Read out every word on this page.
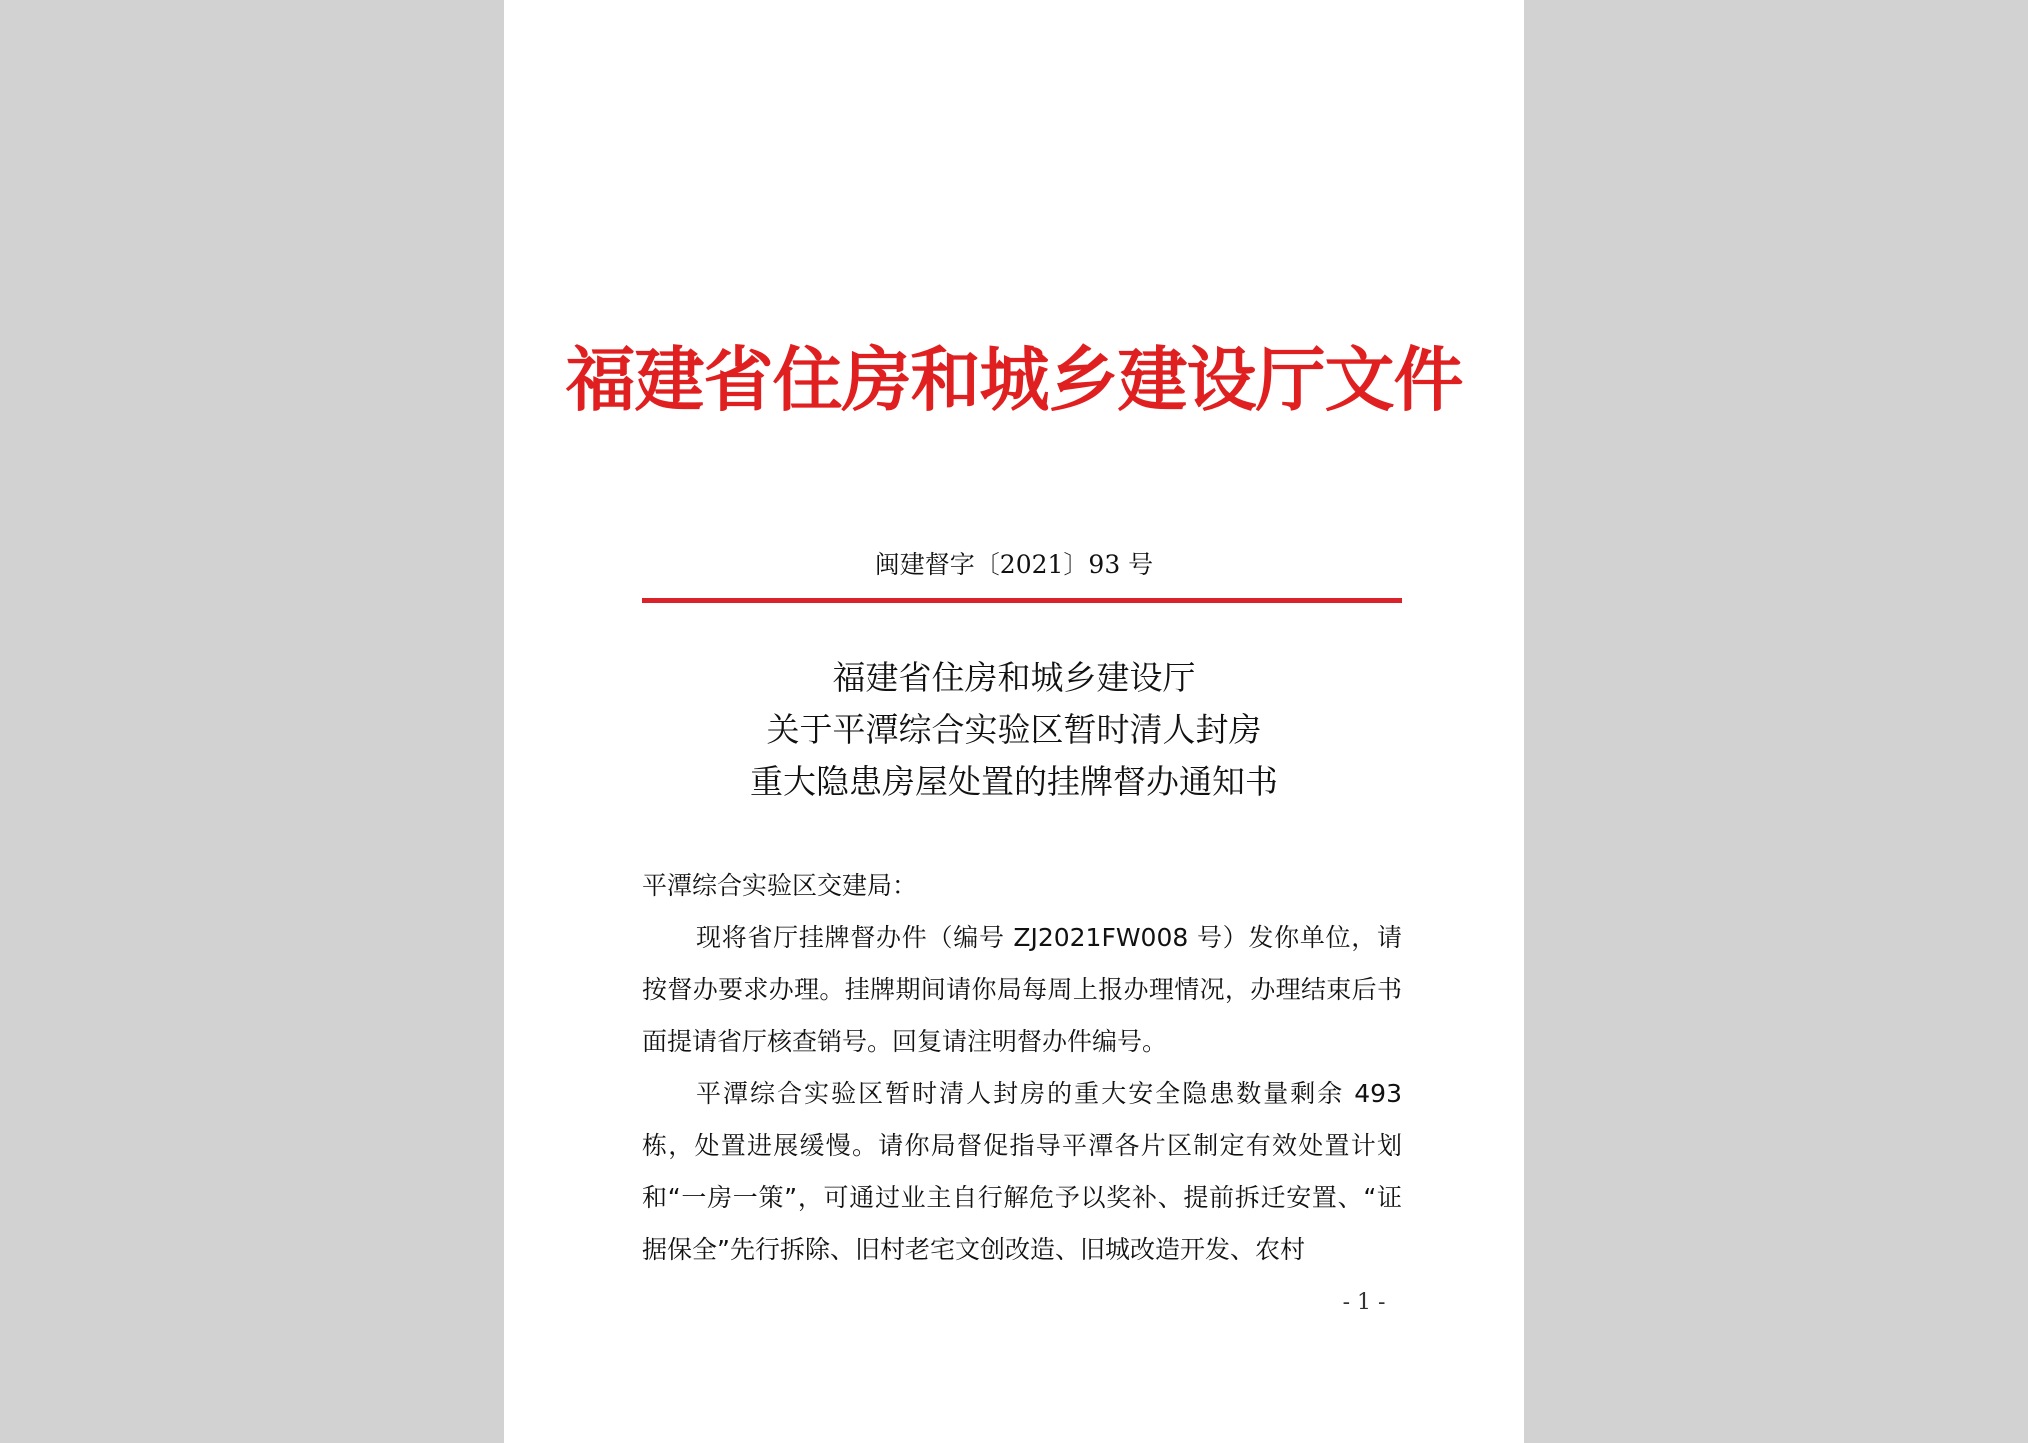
福建省住房和城乡建设厅文件
闽建督字〔2021〕93 号
福建省住房和城乡建设厅
关于平潭综合实验区暂时清人封房
重大隐患房屋处置的挂牌督办通知书

平潭综合实验区交建局：

现将省厅挂牌督办件（编号 ZJ2021FW008 号）发你单位，请按督办要求办理。挂牌期间请你局每周上报办理情况，办理结束后书面提请省厅核查销号。回复请注明督办件编号。

平潭综合实验区暂时清人封房的重大安全隐患数量剩余 493 栋，处置进展缓慢。请你局督促指导平潭各片区制定有效处置计划和“一房一策”，可通过业主自行解危予以奖补、提前拆迁安置、“证据保全”先行拆除、旧村老宅文创改造、旧城改造开发、农村

- 1 -
